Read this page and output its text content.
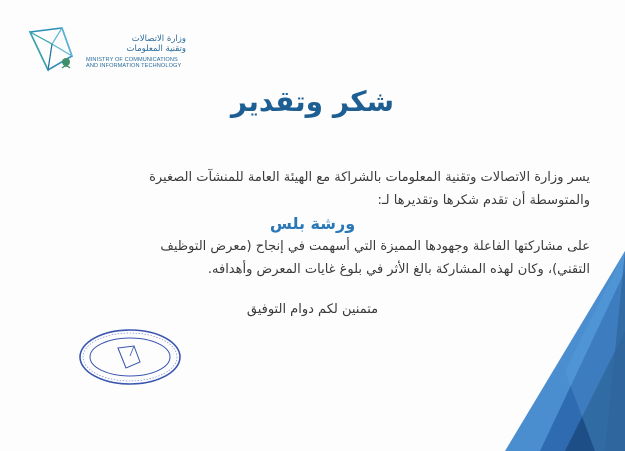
وزارة الاتصالات
وتقنية المعلومات
MINISTRY OF COMMUNICATIONS
AND INFORMATION TECHNOLOGY
شكر وتقدير
يسر وزارة الاتصالات وتقنية المعلومات بالشراكة مع الهيئة العامة للمنشآت الصغيرة
والمتوسطة أن تقدم شكرها وتقديرها لـ:
ورشة بلس
على مشاركتها الفاعلة وجهودها المميزة التي أسهمت في إنجاح (معرض التوظيف
التقني)، وكان لهذه المشاركة بالغ الأثر في بلوغ غايات المعرض وأهدافه.
متمنين لكم دوام التوفيق
